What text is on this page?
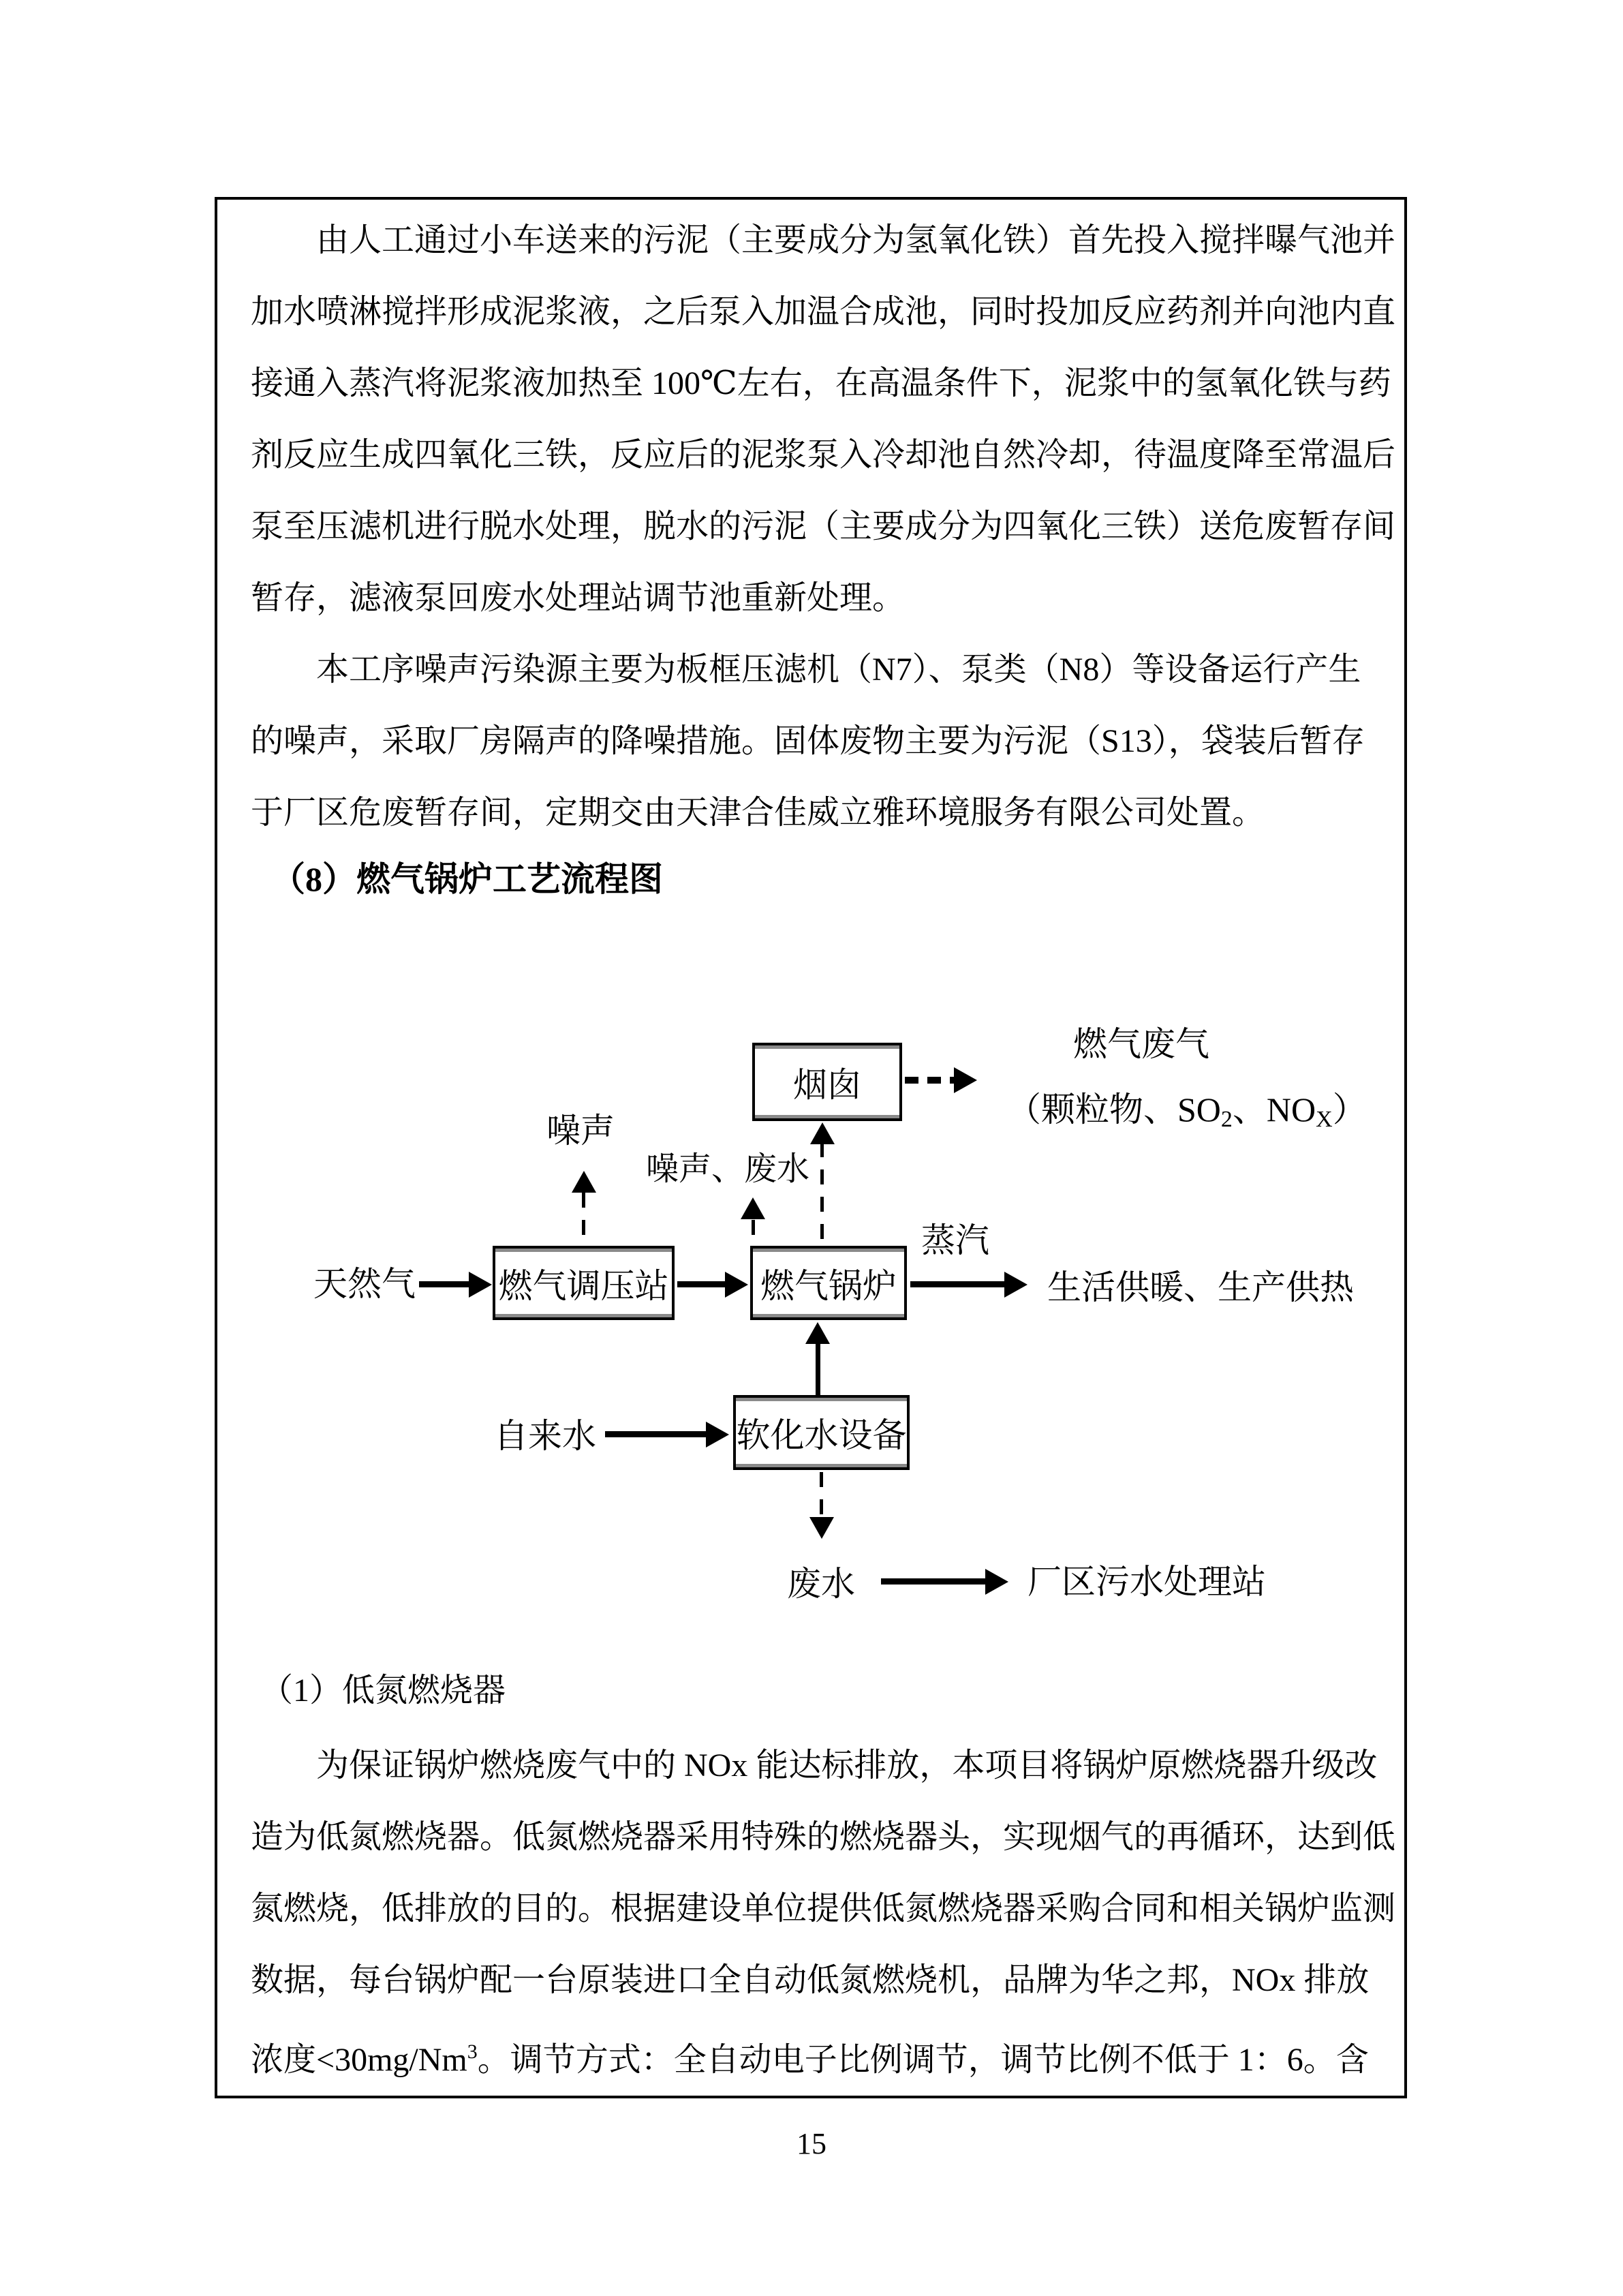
由人工通过小车送来的污泥（主要成分为氢氧化铁）首先投入搅拌曝气池并
加水喷淋搅拌形成泥浆液，之后泵入加温合成池，同时投加反应药剂并向池内直
接通入蒸汽将泥浆液加热至 100℃左右，在高温条件下，泥浆中的氢氧化铁与药
剂反应生成四氧化三铁，反应后的泥浆泵入冷却池自然冷却，待温度降至常温后
泵至压滤机进行脱水处理，脱水的污泥（主要成分为四氧化三铁）送危废暂存间
暂存，滤液泵回废水处理站调节池重新处理。
本工序噪声污染源主要为板框压滤机（N7）、泵类（N8）等设备运行产生
的噪声，采取厂房隔声的降噪措施。固体废物主要为污泥（S13），袋装后暂存
于厂区危废暂存间，定期交由天津合佳威立雅环境服务有限公司处置。
（8）燃气锅炉工艺流程图
烟囱
燃气调压站	燃气锅炉
软化水设备
天然气
噪声
噪声、废水
蒸汽
生活供暖、生产供热
燃气废气
（颗粒物、$SO_2$、$NO_X$）
自来水
废水	厂区污水处理站
（1）低氮燃烧器
为保证锅炉燃烧废气中的 NOx 能达标排放，本项目将锅炉原燃烧器升级改
造为低氮燃烧器。低氮燃烧器采用特殊的燃烧器头，实现烟气的再循环，达到低
氮燃烧，低排放的目的。根据建设单位提供低氮燃烧器采购合同和相关锅炉监测
数据，每台锅炉配一台原装进口全自动低氮燃烧机，品牌为华之邦，NOx 排放
浓度$<30mg/Nm^3$。调节方式：全自动电子比例调节，调节比例不低于 1：6。含
15
